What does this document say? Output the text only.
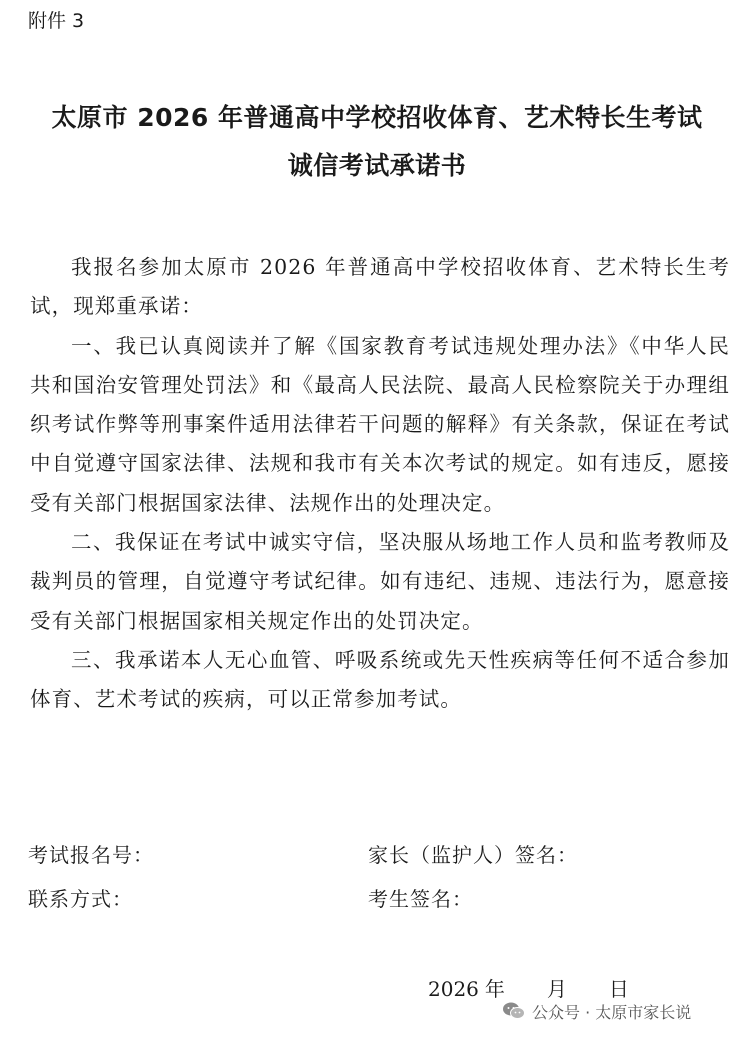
附件 3
太原市 2026 年普通高中学校招收体育、艺术特长生考试
诚信考试承诺书

我报名参加太原市 2026 年普通高中学校招收体育、艺术特长生考试，现郑重承诺：

一、我已认真阅读并了解《国家教育考试违规处理办法》《中华人民共和国治安管理处罚法》和《最高人民法院、最高人民检察院关于办理组织考试作弊等刑事案件适用法律若干问题的解释》有关条款，保证在考试中自觉遵守国家法律、法规和我市有关本次考试的规定。如有违反，愿接受有关部门根据国家法律、法规作出的处理决定。

二、我保证在考试中诚实守信，坚决服从场地工作人员和监考教师及裁判员的管理，自觉遵守考试纪律。如有违纪、违规、违法行为，愿意接受有关部门根据国家相关规定作出的处罚决定。

三、我承诺本人无心血管、呼吸系统或先天性疾病等任何不适合参加体育、艺术考试的疾病，可以正常参加考试。

考试报名号：	家长（监护人）签名：
联系方式：	考生签名：
2026 年 月 日
公众号 · 太原市家长说
